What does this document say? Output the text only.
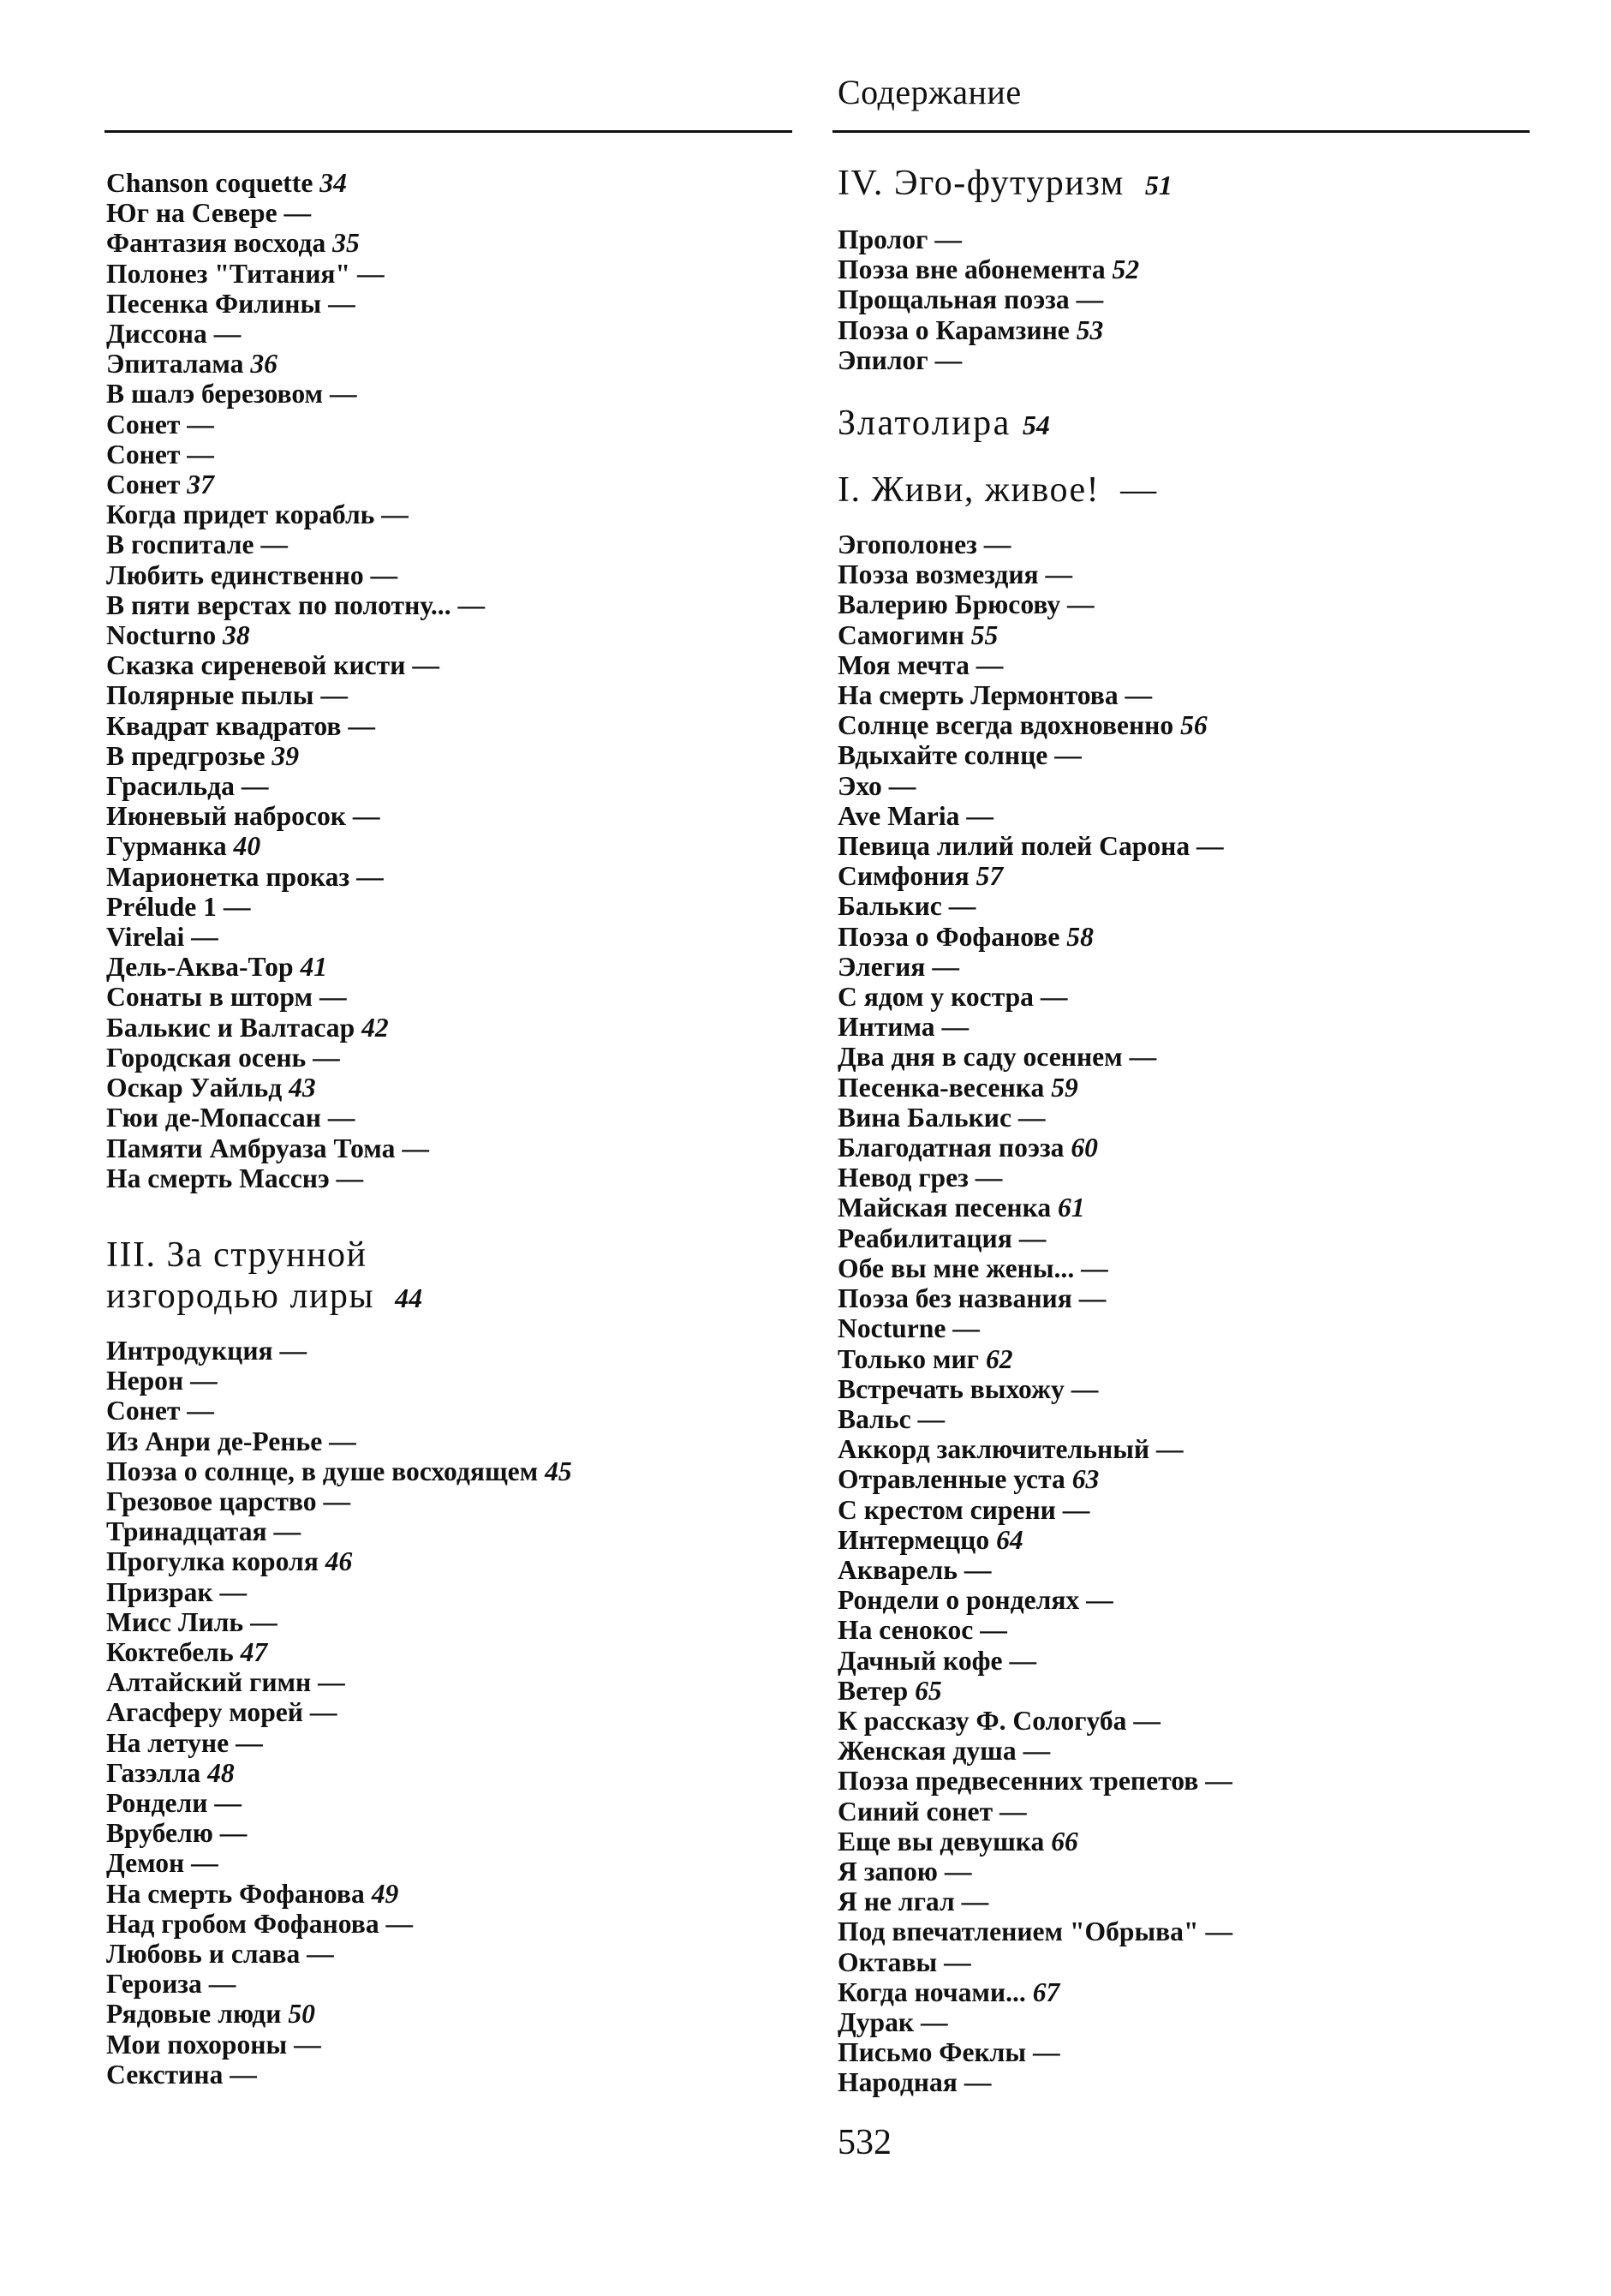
Содержание
Chanson coquette 34
Юг на Севере —
Фантазия восхода 35
Полонез "Титания" —
Песенка Филины —
Диссона —
Эпиталама 36
В шалэ березовом —
Сонет —
Сонет —
Сонет 37
Когда придет корабль —
В госпитале —
Любить единственно —
В пяти верстах по полотну... —
Nocturno 38
Сказка сиреневой кисти —
Полярные пылы —
Квадрат квадратов —
В предгрозье 39
Грасильда —
Июневый набросок —
Гурманка 40
Марионетка проказ —
Prélude 1 —
Virelai —
Дель-Аква-Тор 41
Сонаты в шторм —
Балькис и Валтасар 42
Городская осень —
Оскар Уайльд 43
Гюи де-Мопассан —
Памяти Амбруаза Тома —
На смерть Масснэ —
III. За струнной
изгородью лиры 44
Интродукция —
Нерон —
Сонет —
Из Анри де-Ренье —
Поэза о солнце, в душе восходящем 45
Грезовое царство —
Тринадцатая —
Прогулка короля 46
Призрак —
Мисс Лиль —
Коктебель 47
Алтайский гимн —
Агасферу морей —
На летуне —
Газэлла 48
Рондели —
Врубелю —
Демон —
На смерть Фофанова 49
Над гробом Фофанова —
Любовь и слава —
Героиза —
Рядовые люди 50
Мои похороны —
Секстина —
IV. Эго-футуризм 51
Пролог —
Поэза вне абонемента 52
Прощальная поэза —
Поэза о Карамзине 53
Эпилог —
Златолира 54
I. Живи, живое! —
Эгополонез —
Поэза возмездия —
Валерию Брюсову —
Самогимн 55
Моя мечта —
На смерть Лермонтова —
Солнце всегда вдохновенно 56
Вдыхайте солнце —
Эхо —
Ave Maria —
Певица лилий полей Сарона —
Симфония 57
Балькис —
Поэза о Фофанове 58
Элегия —
С ядом у костра —
Интима —
Два дня в саду осеннем —
Песенка-весенка 59
Вина Балькис —
Благодатная поэза 60
Невод грез —
Майская песенка 61
Реабилитация —
Обе вы мне жены... —
Поэза без названия —
Nocturne —
Только миг 62
Встречать выхожу —
Вальс —
Аккорд заключительный —
Отравленные уста 63
С крестом сирени —
Интермеццо 64
Акварель —
Рондели о ронделях —
На сенокос —
Дачный кофе —
Ветер 65
К рассказу Ф. Сологуба —
Женская душа —
Поэза предвесенних трепетов —
Синий сонет —
Еще вы девушка 66
Я запою —
Я не лгал —
Под впечатлением "Обрыва" —
Октавы —
Когда ночами... 67
Дурак —
Письмо Феклы —
Народная —
532
